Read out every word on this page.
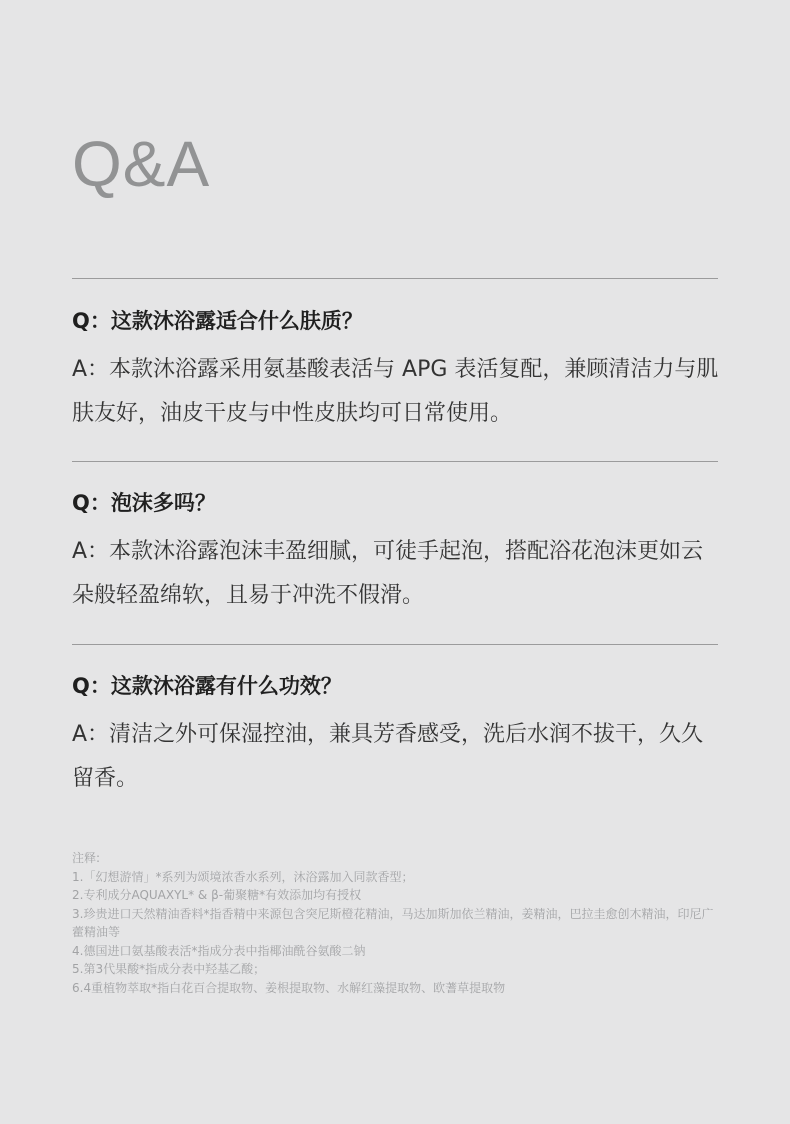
Q&A

Q：这款沐浴露适合什么肤质？

A：本款沐浴露采用氨基酸表活与 APG 表活复配，兼顾清洁力与肌肤友好，油皮干皮与中性皮肤均可日常使用。

Q：泡沫多吗？

A：本款沐浴露泡沫丰盈细腻，可徒手起泡，搭配浴花泡沫更如云朵般轻盈绵软，且易于冲洗不假滑。

Q：这款沐浴露有什么功效？

A：清洁之外可保湿控油，兼具芳香感受，洗后水润不拔干，久久留香。

注释:

1.「幻想游情」*系列为颂境浓香水系列，沐浴露加入同款香型；

2.专利成分AQUAXYL* & β-葡聚糖*有效添加均有授权

3.珍贵进口天然精油香料*指香精中来源包含突尼斯橙花精油，马达加斯加依兰精油，姜精油，巴拉圭愈创木精油，印尼广藿精油等

4.德国进口氨基酸表活*指成分表中指椰油酰谷氨酸二钠

5.第3代果酸*指成分表中羟基乙酸；

6.4重植物萃取*指白花百合提取物、姜根提取物、水解红藻提取物、欧蓍草提取物
